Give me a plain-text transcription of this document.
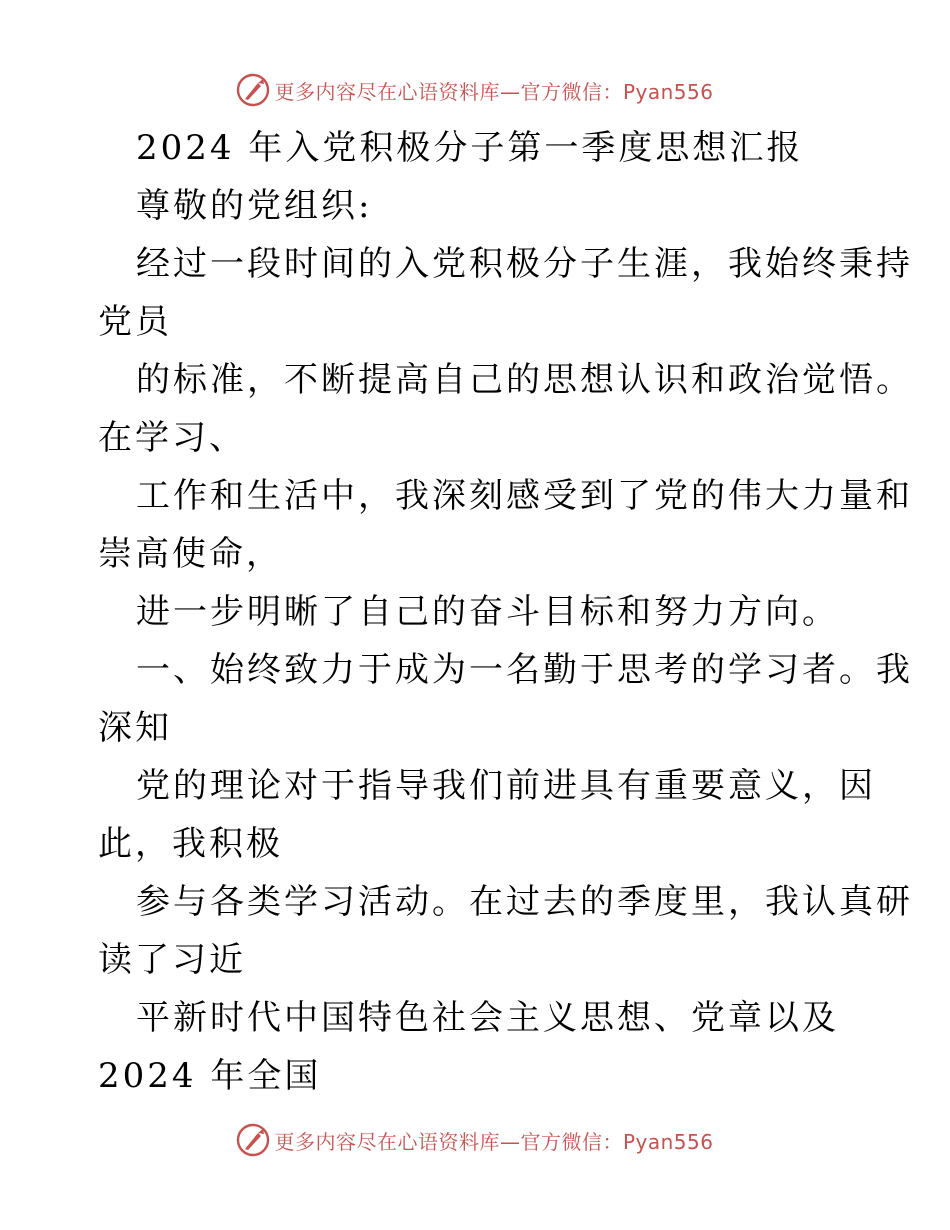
更多内容尽在心语资料库—官方微信：Pyan556
2024 年入党积极分子第一季度思想汇报
尊敬的党组织:
经过一段时间的入党积极分子生涯，我始终秉持
党员
的标准，不断提高自己的思想认识和政治觉悟。
在学习、
工作和生活中，我深刻感受到了党的伟大力量和
崇高使命，
进一步明晰了自己的奋斗目标和努力方向。
一、始终致力于成为一名勤于思考的学习者。我
深知
党的理论对于指导我们前进具有重要意义，因
此，我积极
参与各类学习活动。在过去的季度里，我认真研
读了习近
平新时代中国特色社会主义思想、党章以及
2024 年全国
更多内容尽在心语资料库—官方微信：Pyan556
